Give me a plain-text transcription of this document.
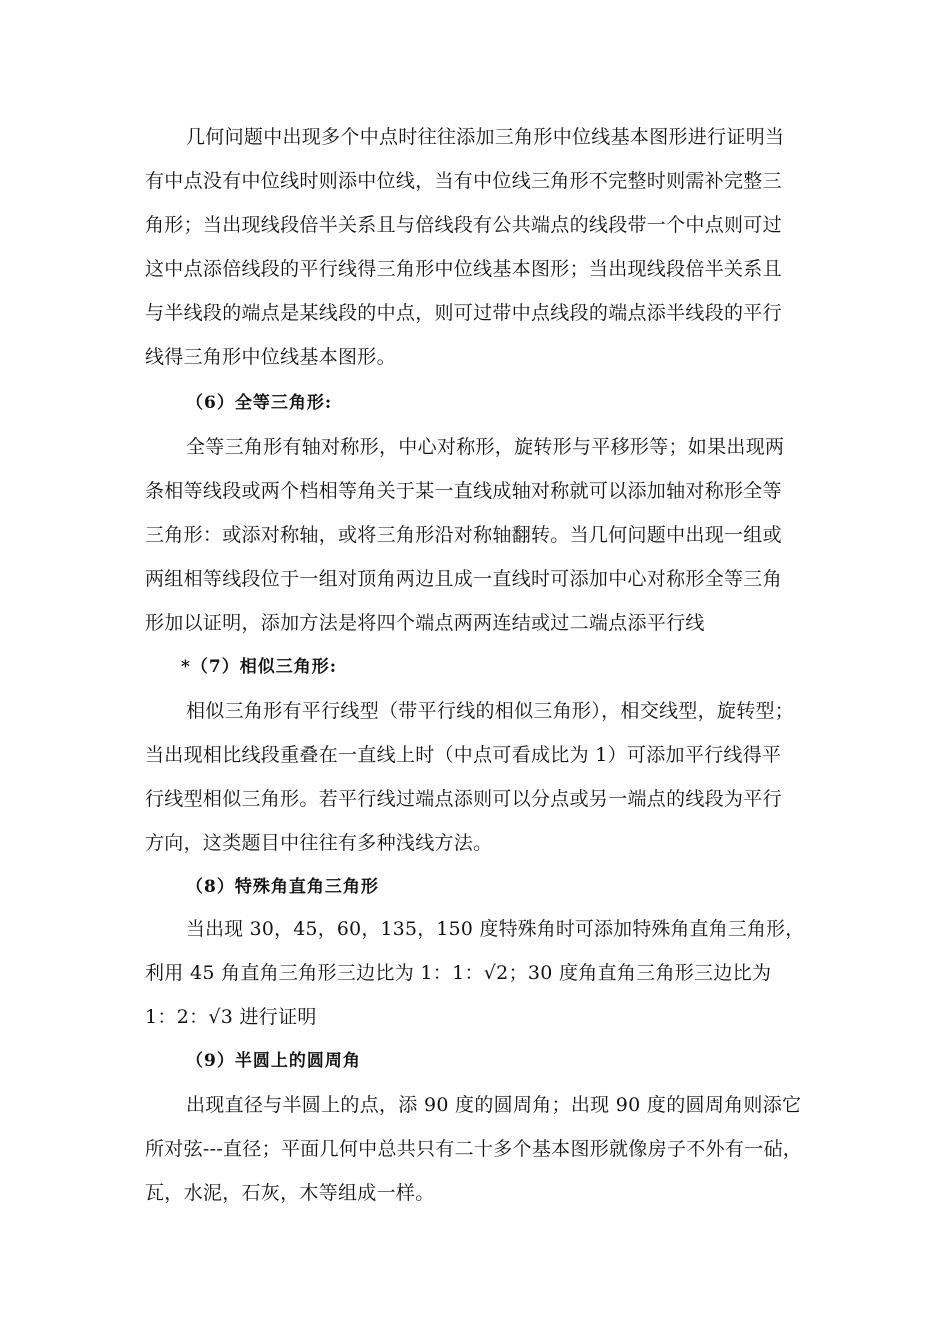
几何问题中出现多个中点时往往添加三角形中位线基本图形进行证明当
有中点没有中位线时则添中位线，当有中位线三角形不完整时则需补完整三
角形；当出现线段倍半关系且与倍线段有公共端点的线段带一个中点则可过
这中点添倍线段的平行线得三角形中位线基本图形；当出现线段倍半关系且
与半线段的端点是某线段的中点，则可过带中点线段的端点添半线段的平行
线得三角形中位线基本图形。
（6）全等三角形:
全等三角形有轴对称形，中心对称形，旋转形与平移形等；如果出现两
条相等线段或两个档相等角关于某一直线成轴对称就可以添加轴对称形全等
三角形：或添对称轴，或将三角形沿对称轴翻转。当几何问题中出现一组或
两组相等线段位于一组对顶角两边且成一直线时可添加中心对称形全等三角
形加以证明，添加方法是将四个端点两两连结或过二端点添平行线
*（7）相似三角形:
相似三角形有平行线型（带平行线的相似三角形），相交线型，旋转型；
当出现相比线段重叠在一直线上时（中点可看成比为 1）可添加平行线得平
行线型相似三角形。若平行线过端点添则可以分点或另一端点的线段为平行
方向，这类题目中往往有多种浅线方法。
（8）特殊角直角三角形
当出现 30，45，60，135，150 度特殊角时可添加特殊角直角三角形，
利用 45 角直角三角形三边比为 1：1：√2；30 度角直角三角形三边比为
1：2：√3 进行证明
（9）半圆上的圆周角
出现直径与半圆上的点，添 90 度的圆周角；出现 90 度的圆周角则添它
所对弦---直径；平面几何中总共只有二十多个基本图形就像房子不外有一砧，
瓦，水泥，石灰，木等组成一样。
